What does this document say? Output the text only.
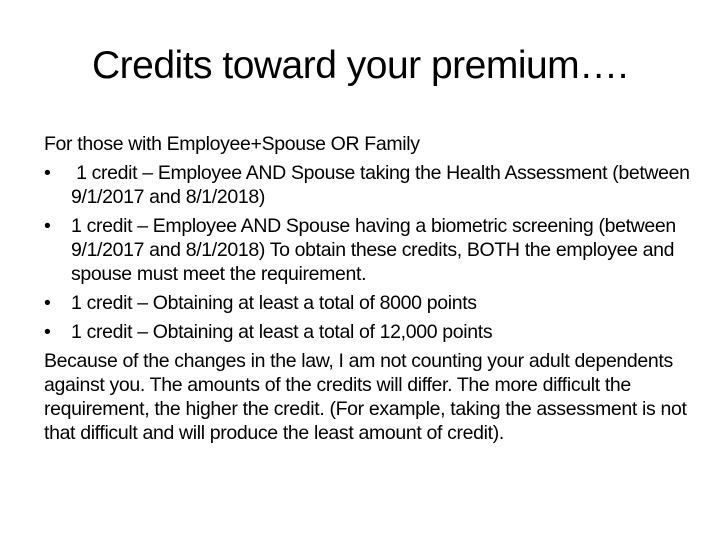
Credits toward your premium….

For those with Employee+Spouse OR Family

• 1 credit – Employee AND Spouse taking the Health Assessment (between 9/1/2017 and 8/1/2018)
• 1 credit – Employee AND Spouse having a biometric screening (between 9/1/2017 and 8/1/2018) To obtain these credits, BOTH the employee and spouse must meet the requirement.
• 1 credit – Obtaining at least a total of 8000 points
• 1 credit – Obtaining at least a total of 12,000 points

Because of the changes in the law, I am not counting your adult dependents against you. The amounts of the credits will differ. The more difficult the requirement, the higher the credit. (For example, taking the assessment is not that difficult and will produce the least amount of credit).
